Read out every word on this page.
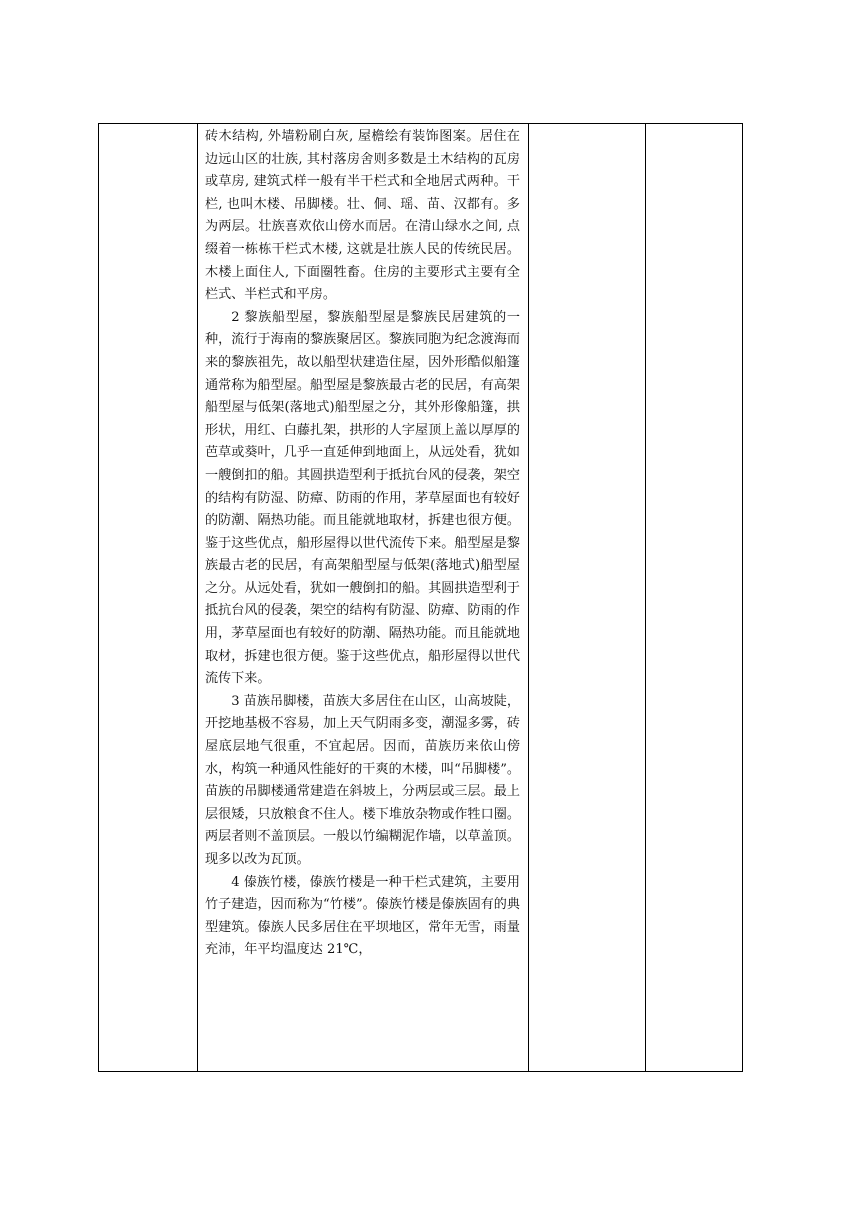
砖木结构, 外墙粉刷白灰, 屋檐绘有装饰图案。居住在边远山区的壮族, 其村落房舍则多数是土木结构的瓦房或草房, 建筑式样一般有半干栏式和全地居式两种。干栏, 也叫木楼、吊脚楼。壮、侗、瑶、苗、汉都有。多为两层。壮族喜欢依山傍水而居。在清山绿水之间, 点缀着一栋栋干栏式木楼, 这就是壮族人民的传统民居。木楼上面住人, 下面圈牲畜。住房的主要形式主要有全栏式、半栏式和平房。

2 黎族船型屋，黎族船型屋是黎族民居建筑的一种，流行于海南的黎族聚居区。黎族同胞为纪念渡海而来的黎族祖先，故以船型状建造住屋，因外形酷似船篷通常称为船型屋。船型屋是黎族最古老的民居，有高架船型屋与低架(落地式)船型屋之分，其外形像船篷，拱形状，用红、白藤扎架，拱形的人字屋顶上盖以厚厚的芭草或葵叶，几乎一直延伸到地面上，从远处看，犹如一艘倒扣的船。其圆拱造型利于抵抗台风的侵袭，架空的结构有防湿、防瘴、防雨的作用，茅草屋面也有较好的防潮、隔热功能。而且能就地取材，拆建也很方便。鉴于这些优点，船形屋得以世代流传下来。船型屋是黎族最古老的民居，有高架船型屋与低架(落地式)船型屋之分。从远处看，犹如一艘倒扣的船。其圆拱造型利于抵抗台风的侵袭，架空的结构有防湿、防瘴、防雨的作用，茅草屋面也有较好的防潮、隔热功能。而且能就地取材，拆建也很方便。鉴于这些优点，船形屋得以世代流传下来。

3 苗族吊脚楼，苗族大多居住在山区，山高坡陡，开挖地基极不容易，加上天气阴雨多变，潮湿多雾，砖屋底层地气很重，不宜起居。因而，苗族历来依山傍水，构筑一种通风性能好的干爽的木楼，叫“吊脚楼”。苗族的吊脚楼通常建造在斜坡上，分两层或三层。最上层很矮，只放粮食不住人。楼下堆放杂物或作牲口圈。两层者则不盖顶层。一般以竹编糊泥作墙，以草盖顶。现多以改为瓦顶。

4 傣族竹楼，傣族竹楼是一种干栏式建筑，主要用竹子建造，因而称为“竹楼”。傣族竹楼是傣族固有的典型建筑。傣族人民多居住在平坝地区，常年无雪，雨量充沛，年平均温度达 21℃，
